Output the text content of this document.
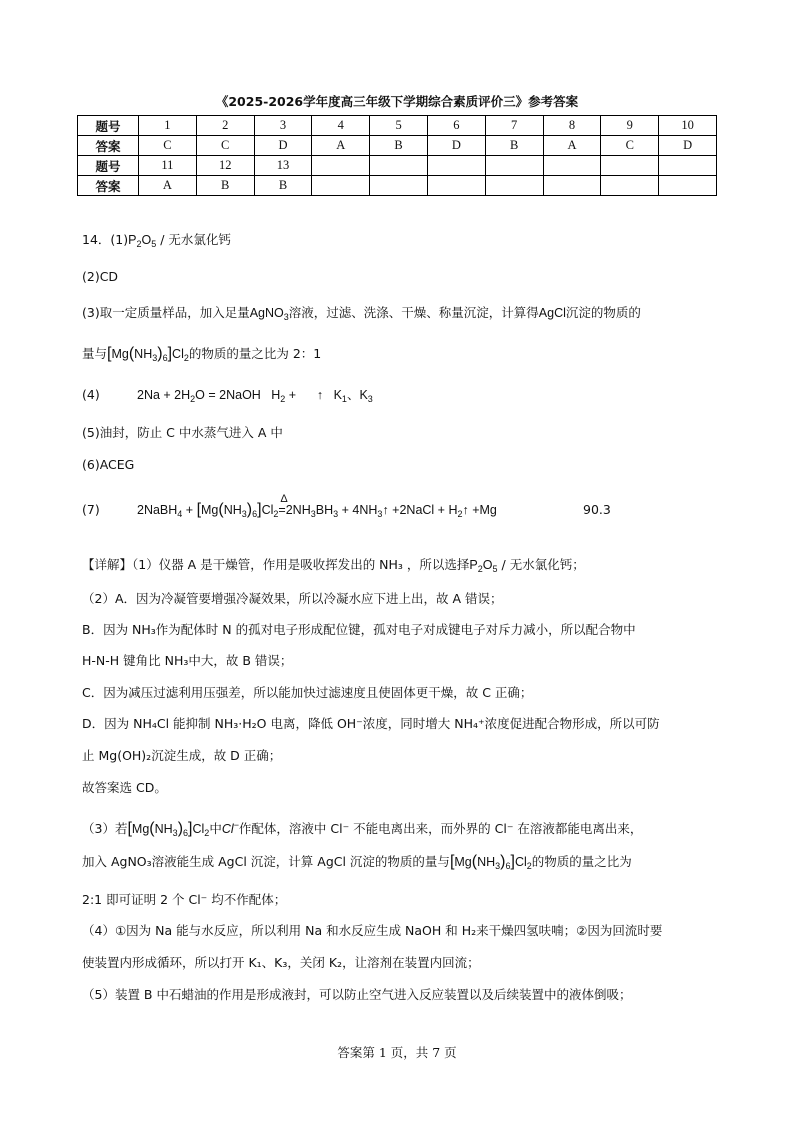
《2025-2026学年度高三年级下学期综合素质评价三》参考答案
题号	1	2	3	4	5	6	7	8	9	10
答案	C	C	D	A	B	D	B	A	C	D
题号	11	12	13							
答案	A	B	B							
14．$(1)P_2O_5$ / 无水氯化钙
(2)CD
(3)取一定质量样品，加入足量AgNO$_3$溶液，过滤、洗涤、干燥、称量沉淀，计算得AgCl沉淀的物质的
量与$[Mg(NH_3)_6]Cl_2$的物质的量之比为 2：1
(4)	$2Na + 2H_2O$ = 2NaOH   $H_2$ +      ↑   $K_1$、$K_3$
(5)油封，防止 C 中水蒸气进入 A 中
(6)ACEG
(7)	2NaBH$_4$ + $[Mg(NH_3)_6]Cl_2$
Δ
$=2NH_3BH_3$ + $4NH_3↑$ +2NaCl + $H_2↑ +Mg$	90.3
【详解】（1）仪器 A 是干燥管，作用是吸收挥发出的 NH₃ ，所以选择$P_2O_5$ / 无水氯化钙；
（2）A．因为冷凝管要增强冷凝效果，所以冷凝水应下进上出，故 A 错误；
B．因为 NH₃作为配体时 N 的孤对电子形成配位键，孤对电子对成键电子对斥力减小，所以配合物中
H-N-H 键角比 NH₃中大，故 B 错误；
C．因为减压过滤利用压强差，所以能加快过滤速度且使固体更干燥，故 C 正确；
D．因为 NH₄Cl 能抑制 NH₃·H₂O 电离，降低 OH⁻浓度，同时增大 NH₄⁺浓度促进配合物形成，所以可防
止 Mg(OH)₂沉淀生成，故 D 正确；
故答案选 CD。
（3）若$[Mg(NH_3)_6]Cl_2$中Cl−作配体，溶液中 Cl⁻ 不能电离出来，而外界的 Cl⁻ 在溶液都能电离出来，
加入 AgNO₃溶液能生成 AgCl 沉淀，计算 AgCl 沉淀的物质的量与$[Mg(NH_3)_6]Cl_2$的物质的量之比为
2:1 即可证明 2 个 Cl⁻ 均不作配体；
（4）①因为 Na 能与水反应，所以利用 Na 和水反应生成 NaOH 和 H₂来干燥四氢呋喃；②因为回流时要
使装置内形成循环，所以打开 K₁、K₃，关闭 K₂，让溶剂在装置内回流；
（5）装置 B 中石蜡油的作用是形成液封，可以防止空气进入反应装置以及后续装置中的液体倒吸；
答案第 1 页，共 7 页
